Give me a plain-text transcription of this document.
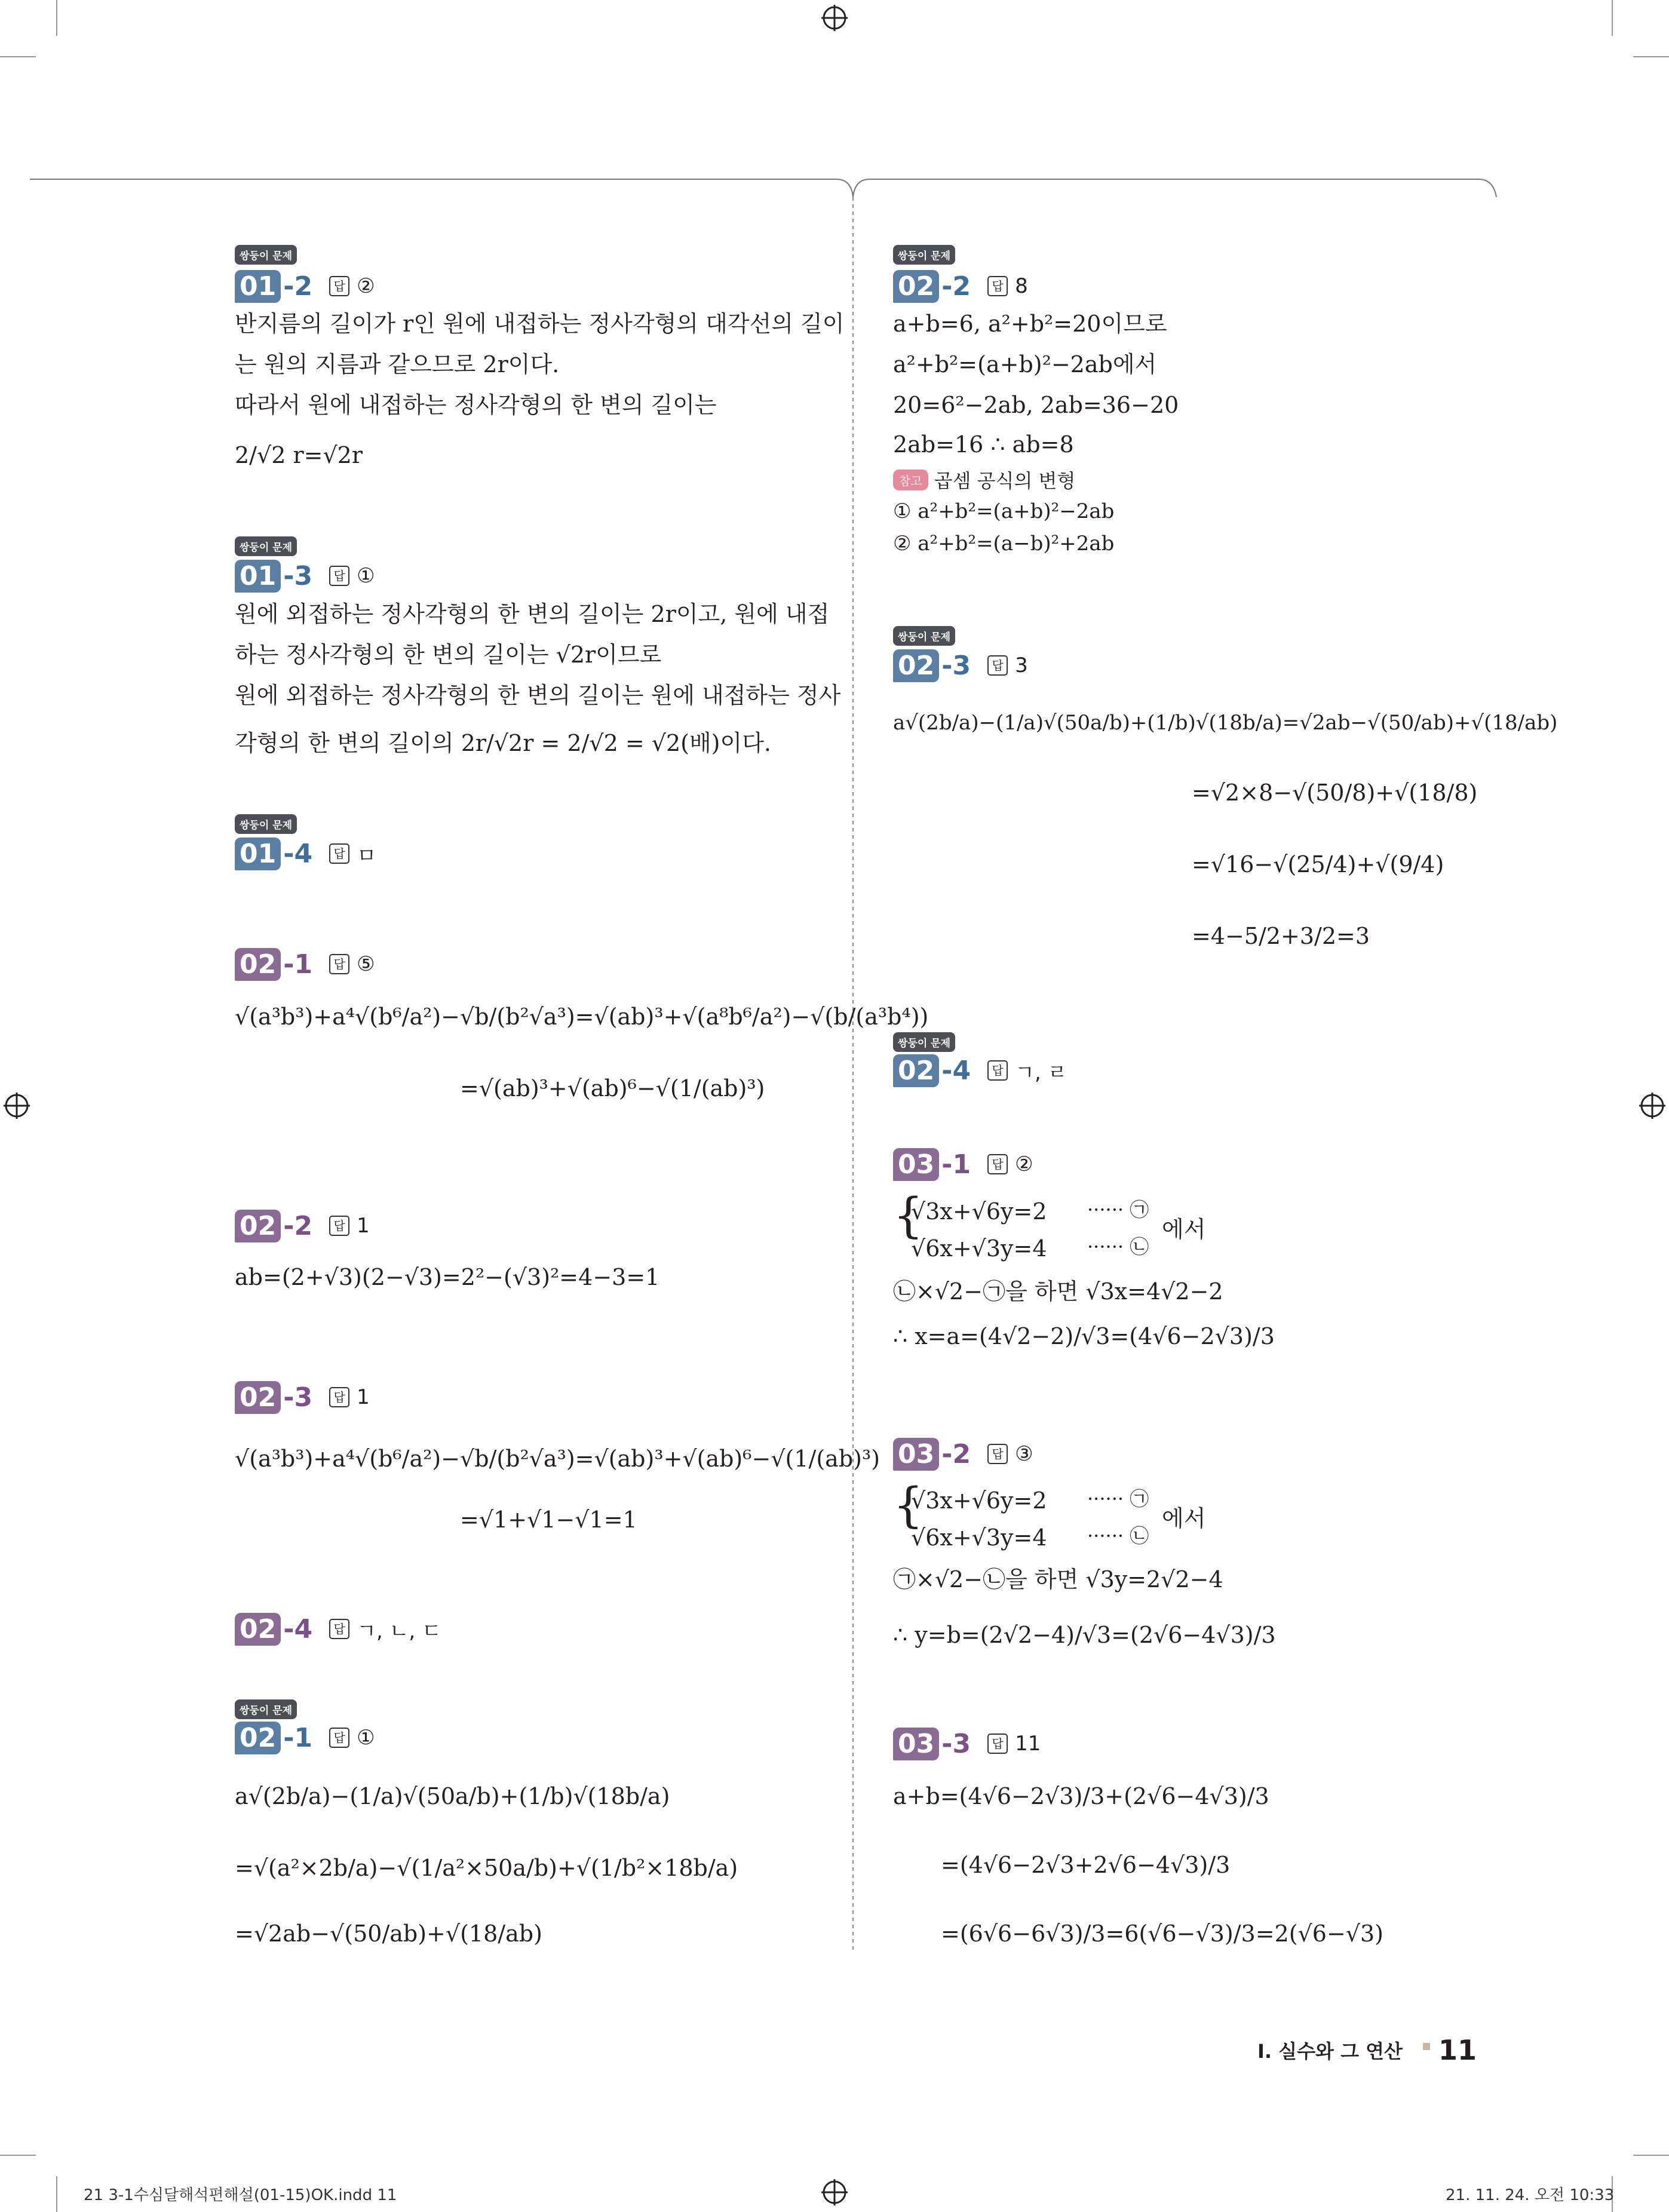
쌍둥이 문제
01 -2	답 ②
반지름의 길이가 r인 원에 내접하는 정사각형의 대각선의 길이
는 원의 지름과 같으므로 2r이다.
따라서 원에 내접하는 정사각형의 한 변의 길이는
2/√2 r=√2r
쌍둥이 문제
01 -3	답 ①
원에 외접하는 정사각형의 한 변의 길이는 2r이고, 원에 내접
하는 정사각형의 한 변의 길이는 √2r이므로
원에 외접하는 정사각형의 한 변의 길이는 원에 내접하는 정사
각형의 한 변의 길이의 2r/√2r = 2/√2 = √2(배)이다.
쌍둥이 문제
01 -4	답 ㅁ
02 -1	답 ⑤
√(a³b³)+a⁴√(b⁶/a²)−√b/(b²√a³)=√(ab)³+√(a⁸b⁶/a²)−√(b/(a³b⁴))
=√(ab)³+√(ab)⁶−√(1/(ab)³)
02 -2	답 1
ab=(2+√3)(2−√3)=2²−(√3)²=4−3=1
02 -3	답 1
√(a³b³)+a⁴√(b⁶/a²)−√b/(b²√a³)=√(ab)³+√(ab)⁶−√(1/(ab)³)
=√1+√1−√1=1
02 -4	답 ㄱ, ㄴ, ㄷ
쌍둥이 문제
02 -1	답 ①
a√(2b/a)−(1/a)√(50a/b)+(1/b)√(18b/a)
=√(a²×2b/a)−√(1/a²×50a/b)+√(1/b²×18b/a)
=√2ab−√(50/ab)+√(18/ab)
쌍둥이 문제
02 -2	답 8
a+b=6, a²+b²=20이므로
a²+b²=(a+b)²−2ab에서
20=6²−2ab, 2ab=36−20
2ab=16 ∴ ab=8
참고 곱셈 공식의 변형
① a²+b²=(a+b)²−2ab
② a²+b²=(a−b)²+2ab
쌍둥이 문제
02 -3	답 3
a√(2b/a)−(1/a)√(50a/b)+(1/b)√(18b/a)=√2ab−√(50/ab)+√(18/ab)
=√2×8−√(50/8)+√(18/8)
=√16−√(25/4)+√(9/4)
=4−5/2+3/2=3
쌍둥이 문제
02 -4	답 ㄱ, ㄹ
03 -1	답 ②
{
√3x+√6y=2
√6x+√3y=4
······ ㉠
······ ㉡
에서
㉡×√2−㉠을 하면 √3x=4√2−2
∴ x=a=(4√2−2)/√3=(4√6−2√3)/3
03 -2	답 ③
{
√3x+√6y=2
√6x+√3y=4
······ ㉠
······ ㉡
에서
㉠×√2−㉡을 하면 √3y=2√2−4
∴ y=b=(2√2−4)/√3=(2√6−4√3)/3
03 -3	답 11
a+b=(4√6−2√3)/3+(2√6−4√3)/3
=(4√6−2√3+2√6−4√3)/3
=(6√6−6√3)/3=6(√6−√3)/3=2(√6−√3)
Ⅰ. 실수와 그 연산 11
21 3-1수심달해석편해설(01-15)OK.indd 11	21. 11. 24. 오전 10:33
